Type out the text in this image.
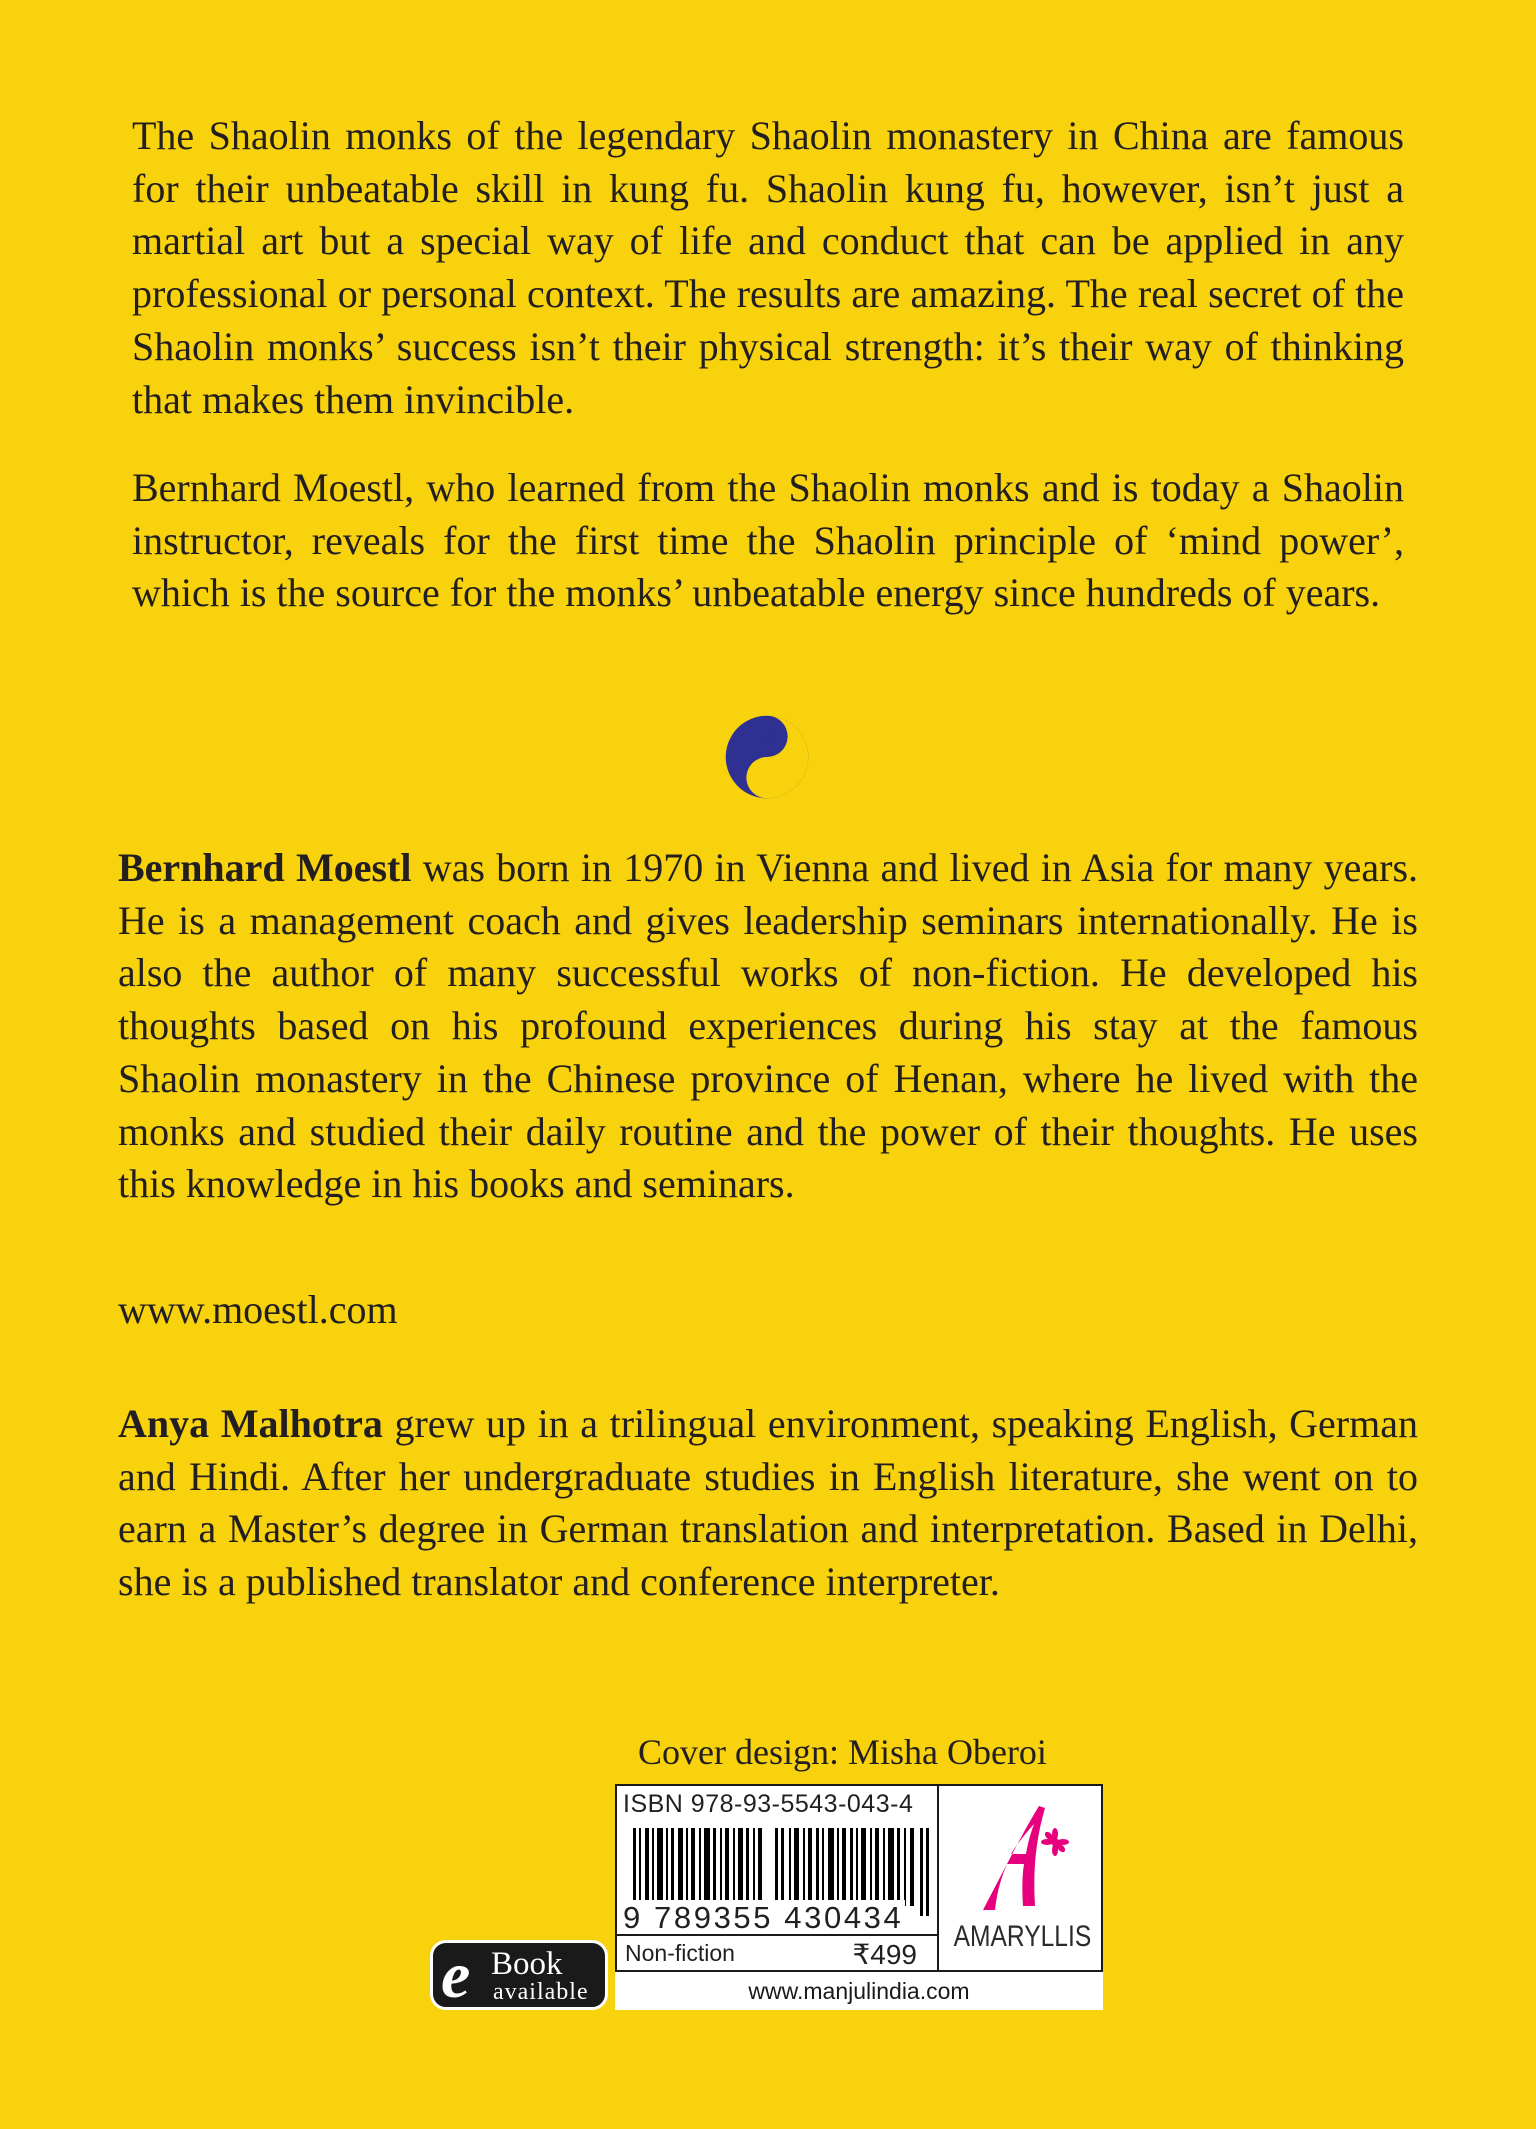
The Shaolin monks of the legendary Shaolin monastery in China are famous for their unbeatable skill in kung fu. Shaolin kung fu, however, isn’t just a martial art but a special way of life and conduct that can be applied in any professional or personal context. The results are amazing. The real secret of the Shaolin monks’ success isn’t their physical strength: it’s their way of thinking that makes them invincible.

Bernhard Moestl, who learned from the Shaolin monks and is today a Shaolin instructor, reveals for the first time the Shaolin principle of ‘mind power’, which is the source for the monks’ unbeatable energy since hundreds of years.

Bernhard Moestl was born in 1970 in Vienna and lived in Asia for many years. He is a management coach and gives leadership seminars internationally. He is also the author of many successful works of non-fiction. He developed his thoughts based on his profound experiences during his stay at the famous Shaolin monastery in the Chinese province of Henan, where he lived with the monks and studied their daily routine and the power of their thoughts. He uses this knowledge in his books and seminars.

www.moestl.com

Anya Malhotra grew up in a trilingual environment, speaking English, German and Hindi. After her undergraduate studies in English literature, she went on to earn a Master’s degree in German translation and interpretation. Based in Delhi, she is a published translator and conference interpreter.

Cover design: Misha Oberoi

ISBN 978-93-5543-043-4

9 789355 430434

Non-fiction	₹499

AMARYLLIS

www.manjulindia.com

e Book

available
